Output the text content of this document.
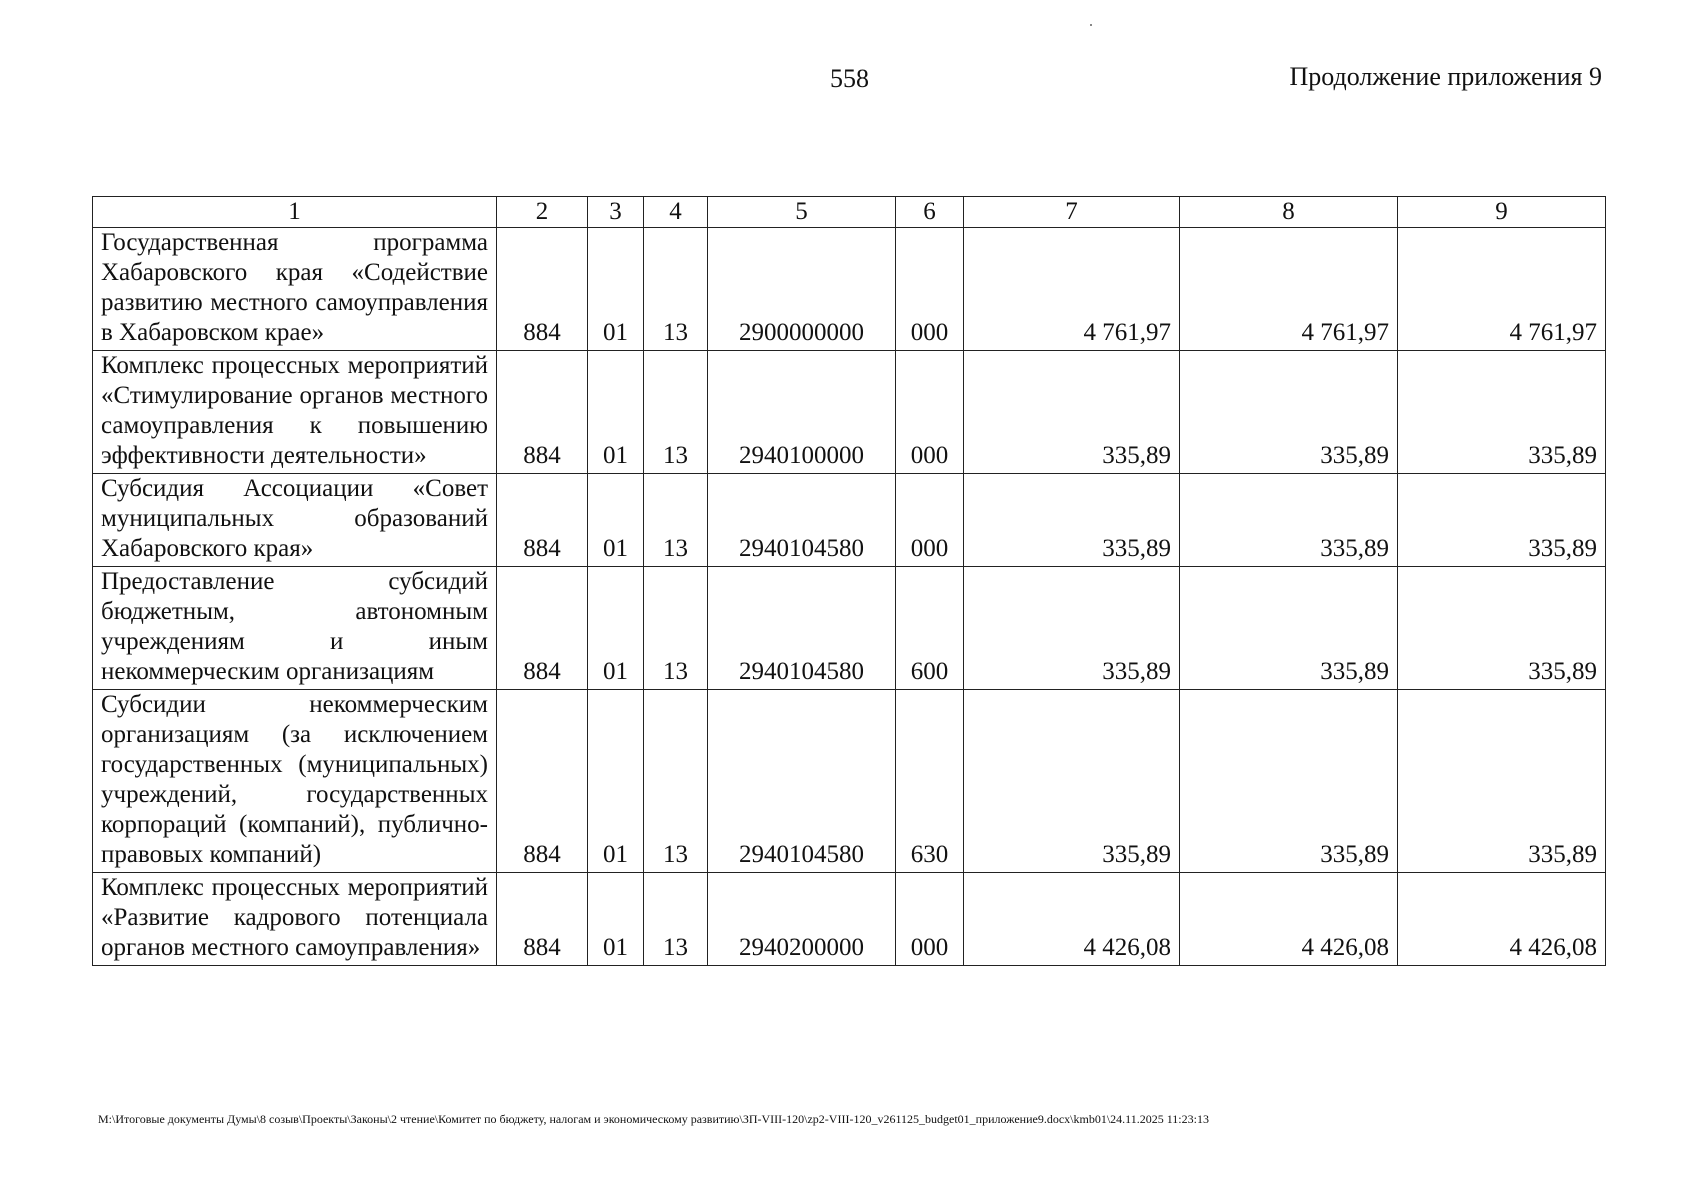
558	Продолжение приложения 9
1	2	3	4	5	6	7	8	9
Государственная программа Хабаровского края «Содействие развитию местного самоуправления в Хабаровском крае»	884	01	13	2900000000	000	4 761,97	4 761,97	4 761,97
Комплекс процессных мероприятий «Стимулирование органов местного самоуправления к повышению эффективности деятельности»	884	01	13	2940100000	000	335,89	335,89	335,89
Субсидия Ассоциации «Совет муниципальных образований Хабаровского края»	884	01	13	2940104580	000	335,89	335,89	335,89
Предоставление субсидий бюджетным, автономным учреждениям и иным некоммерческим организациям	884	01	13	2940104580	600	335,89	335,89	335,89
Субсидии некоммерческим организациям (за исключением государственных (муниципальных) учреждений, государственных корпораций (компаний), публично-правовых компаний)	884	01	13	2940104580	630	335,89	335,89	335,89
Комплекс процессных мероприятий «Развитие кадрового потенциала органов местного самоуправления»	884	01	13	2940200000	000	4 426,08	4 426,08	4 426,08
M:\Итоговые документы Думы\8 созыв\Проекты\Законы\2 чтение\Комитет по бюджету, налогам и экономическому развитию\ЗП-VIII-120\zp2-VIII-120_v261125_budget01_приложение9.docx\kmb01\24.11.2025 11:23:13
